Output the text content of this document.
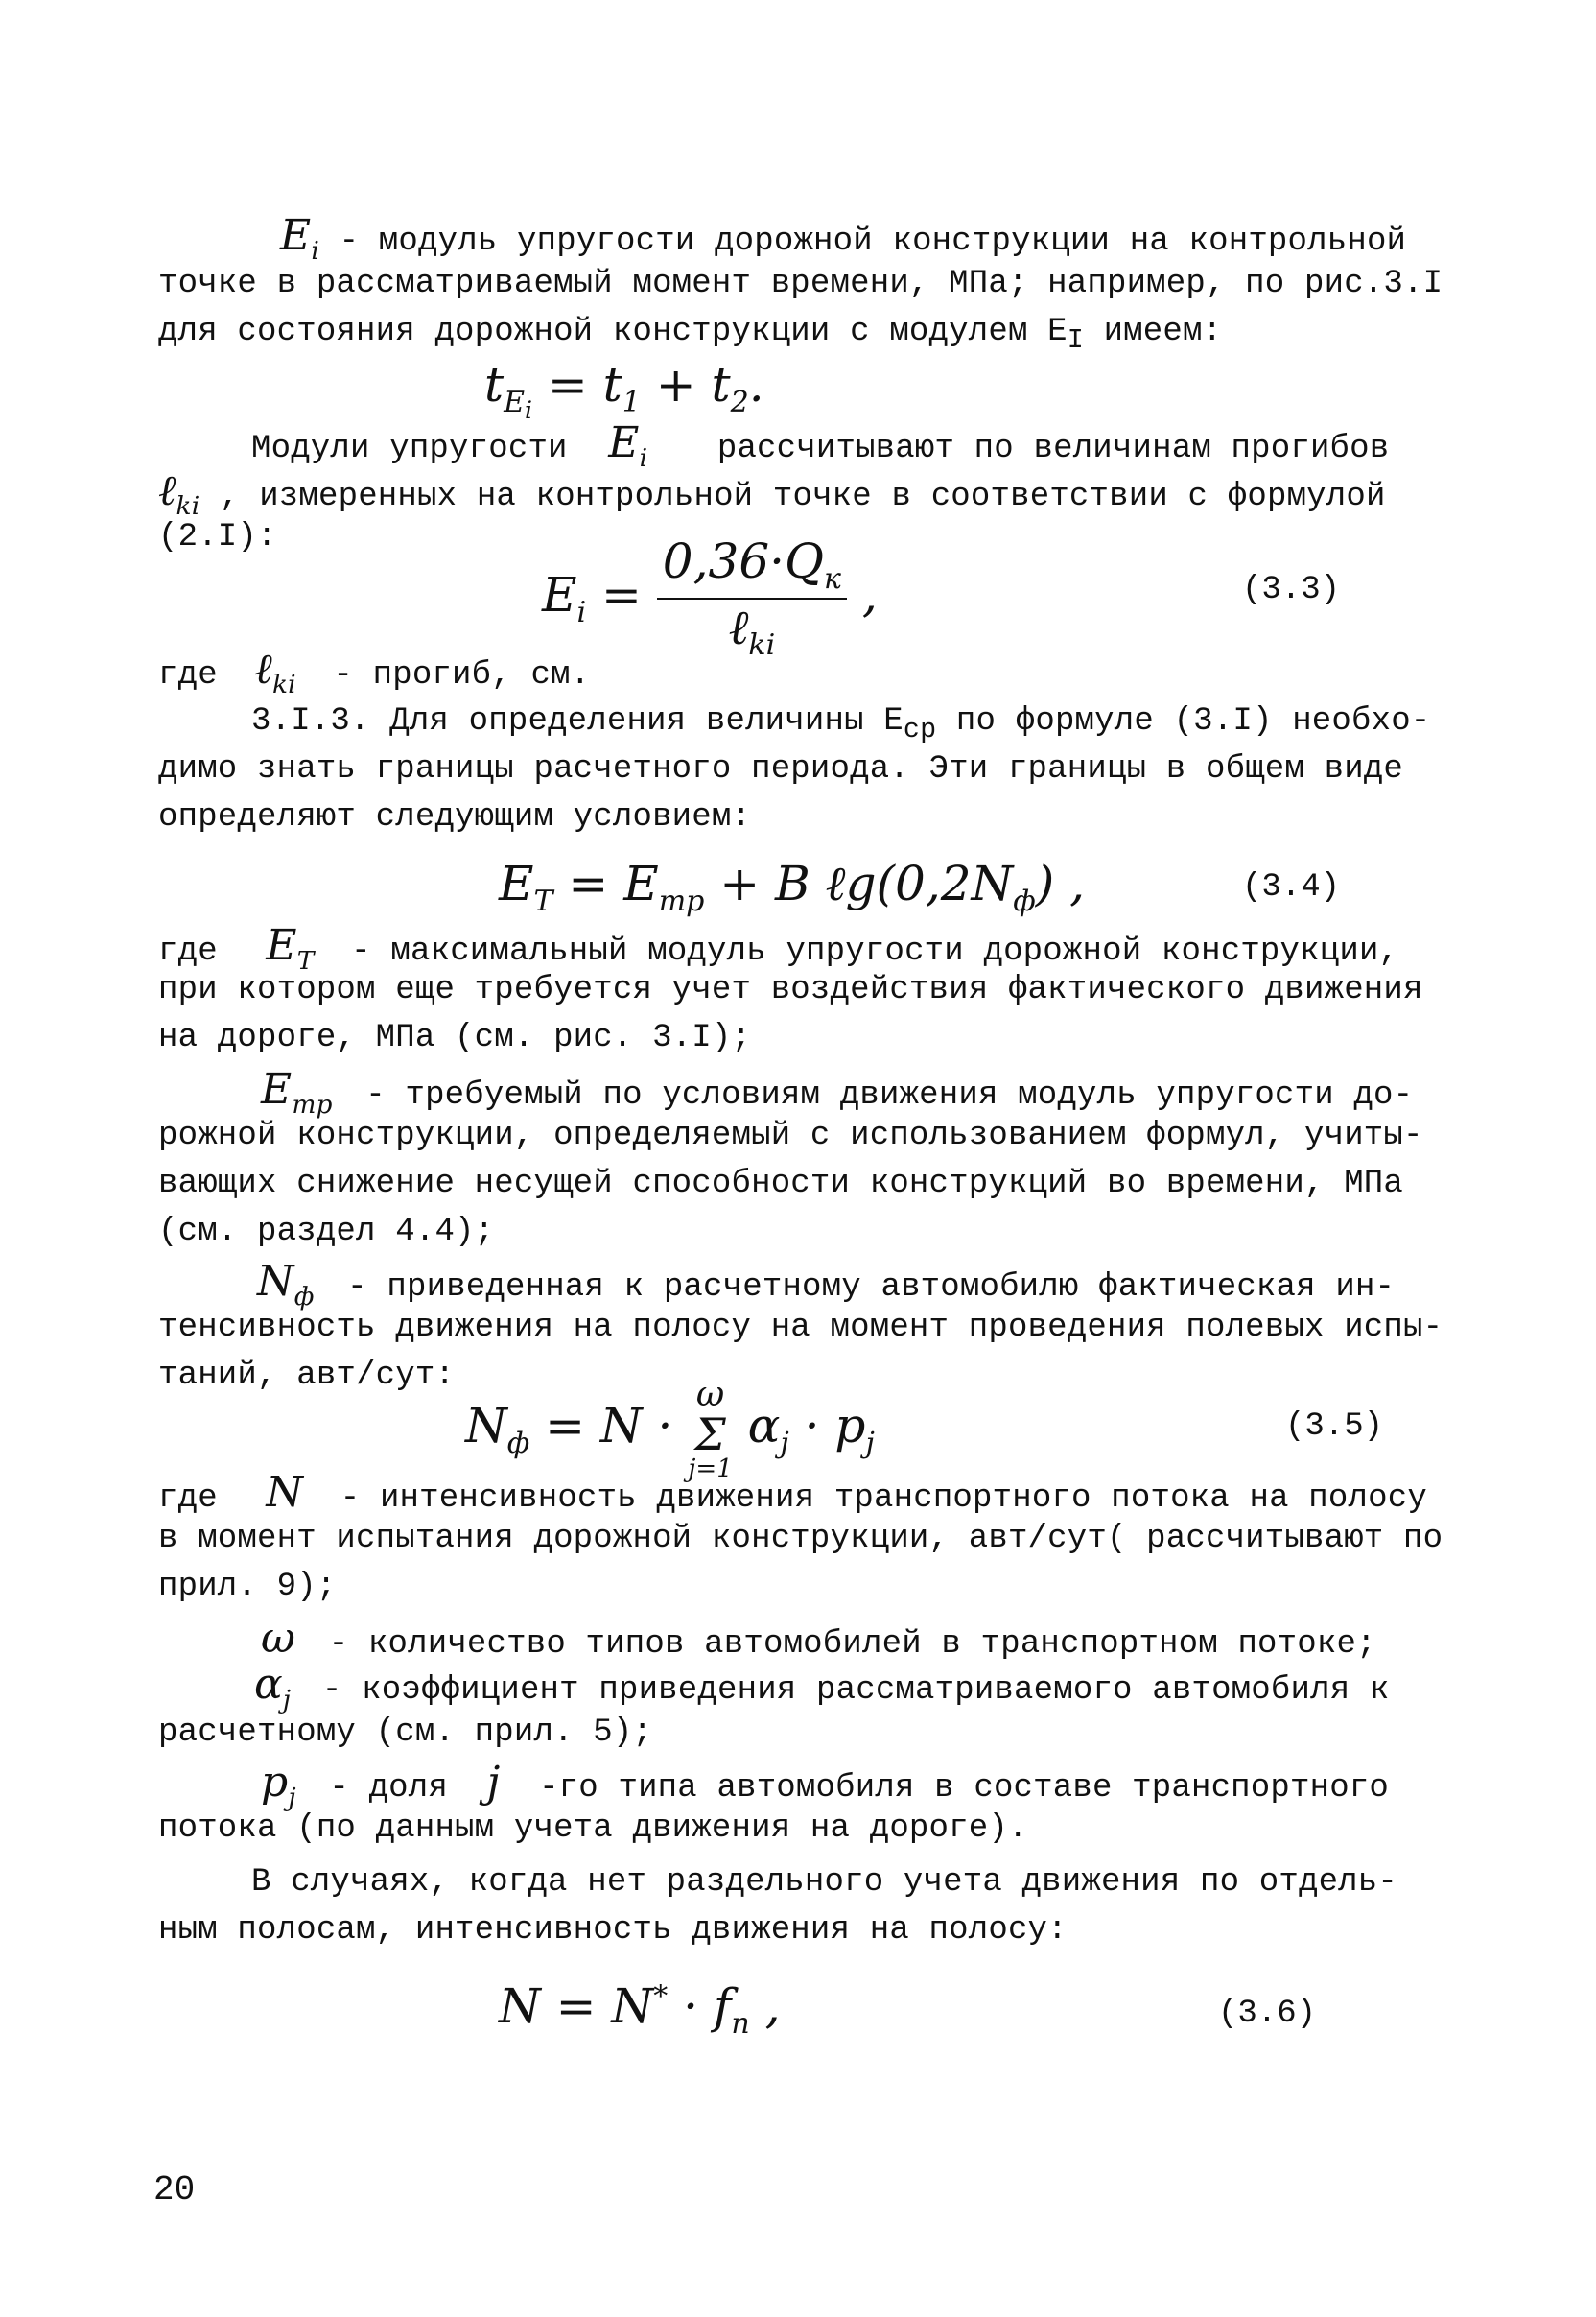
$E_i$ - модуль упругости дорожной конструкции на контрольной
точке в рассматриваемый момент времени, МПа; например, по рис.3.I
для состояния дорожной конструкции с модулем $E_I$ имеем:
$t_{E_i} = t_1 + t_2$.
Модули упругости $E_i$ рассчитывают по величинам прогибов
ℓ$_{ki}$ , измеренных на контрольной точке в соответствии с формулой
(2.I):
$E_i = \frac{0,36\cdot Q_к}{\ell_{ki}}$ ,	(3.3)
где ℓ$_{ki}$ - прогиб, см.
3.I.3. Для определения величины $E_{ср}$ по формуле (3.I) необхо-
димо знать границы расчетного периода. Эти границы в общем виде
определяют следующим условием:
$E_T = E_{тр} + B$ $\ell g(0,2N_ф)$ ,	(3.4)
где $E_T$ - максимальный модуль упругости дорожной конструкции,
при котором еще требуется учет воздействия фактического движения
на дороге, МПа (см. рис. 3.I);
$E_{тр}$ - требуемый по условиям движения модуль упругости до-
рожной конструкции, определяемый с использованием формул, учиты-
вающих снижение несущей способности конструкций во времени, МПа
(см. раздел 4.4);
$N_ф$ - приведенная к расчетному автомобилю фактическая ин-
тенсивность движения на полосу на момент проведения полевых испы-
таний, авт/сут:
$N_ф = N$ ·
ω
Σ
j=1
$\alpha_j \cdot p_j$	(3.5)
где N - интенсивность движения транспортного потока на полосу
в момент испытания дорожной конструкции, авт/сут( рассчитывают по
прил. 9);
ω - количество типов автомобилей в транспортном потоке;
$\alpha_j$ - коэффициент приведения рассматриваемого автомобиля к
расчетному (см. прил. 5);
$p_j$ - доля j -го типа автомобиля в составе транспортного
потока (по данным учета движения на дороге).
В случаях, когда нет раздельного учета движения по отдель-
ным полосам, интенсивность движения на полосу:
$N = N^* \cdot f_п$ ,	(3.6)
20
